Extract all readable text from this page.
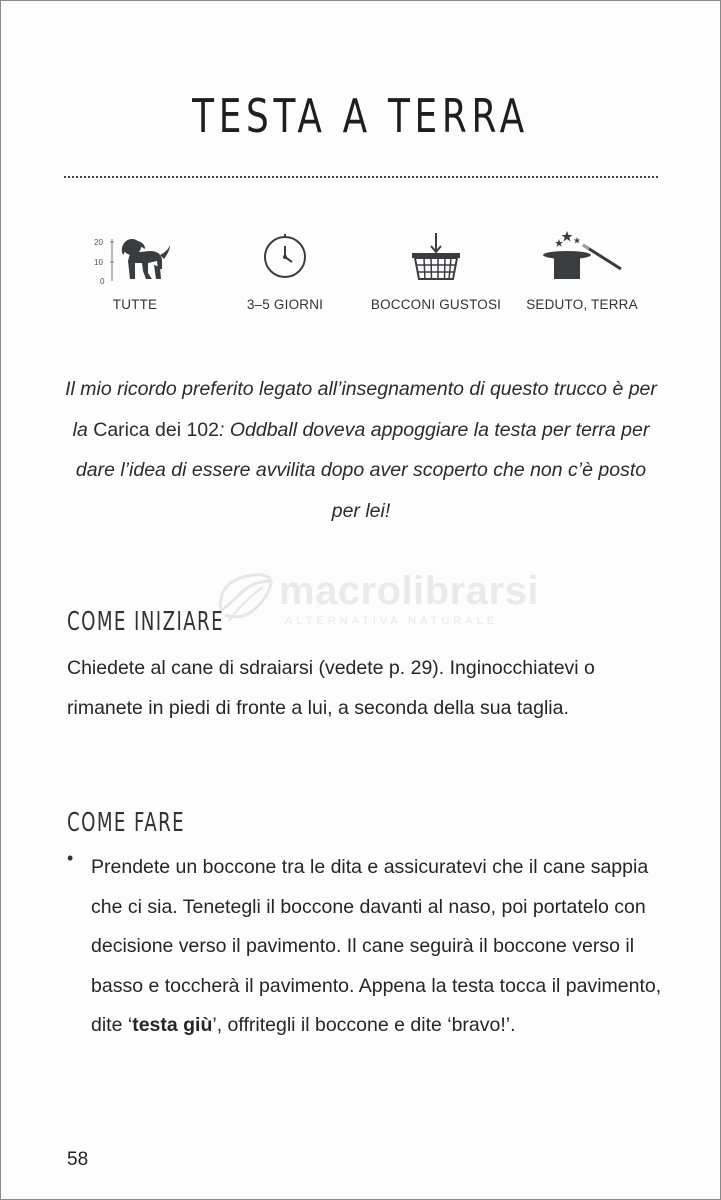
TESTA A TERRA
20
10
0
TUTTE	3–5 GIORNI	BOCCONI GUSTOSI	SEDUTO, TERRA

Il mio ricordo preferito legato all’insegnamento di questo trucco è per la Carica dei 102: Oddball doveva appoggiare la testa per terra per dare l’idea di essere avvilita dopo aver scoperto che non c’è posto per lei!

macrolibrarsi
ALTERNATIVA NATURALE
COME INIZIARE

Chiedete al cane di sdraiarsi (vedete p. 29). Inginocchiatevi o rimanete in piedi di fronte a lui, a seconda della sua taglia.

COME FARE
• Prendete un boccone tra le dita e assicuratevi che il cane sappia che ci sia. Tenetegli il boccone davanti al naso, poi portatelo con decisione verso il pavimento. Il cane seguirà il boccone verso il basso e toccherà il pavimento. Appena la testa tocca il pavimento, dite ‘testa giù’, offritegli il boccone e dite ‘bravo!’.

58
